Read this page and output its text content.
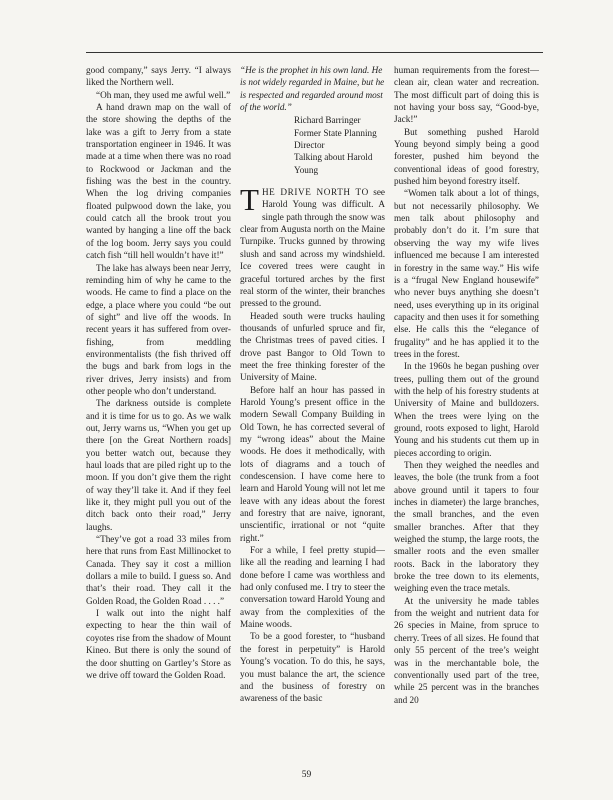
good company,” says Jerry. “I always liked the Northern well.

“Oh man, they used me awful well.”

A hand drawn map on the wall of the store showing the depths of the lake was a gift to Jerry from a state transportation engineer in 1946. It was made at a time when there was no road to Rockwood or Jackman and the fishing was the best in the country. When the log driving companies floated pulpwood down the lake, you could catch all the brook trout you wanted by hanging a line off the back of the log boom. Jerry says you could catch fish “till hell wouldn’t have it!”

The lake has always been near Jerry, reminding him of why he came to the woods. He came to find a place on the edge, a place where you could “be out of sight” and live off the woods. In recent years it has suffered from over-fishing, from meddling environmentalists (the fish thrived off the bugs and bark from logs in the river drives, Jerry insists) and from other people who don’t understand.

The darkness outside is complete and it is time for us to go. As we walk out, Jerry warns us, “When you get up there [on the Great Northern roads] you better watch out, because they haul loads that are piled right up to the moon. If you don’t give them the right of way they’ll take it. And if they feel like it, they might pull you out of the ditch back onto their road,” Jerry laughs.

“They’ve got a road 33 miles from here that runs from East Millinocket to Canada. They say it cost a million dollars a mile to build. I guess so. And that’s their road. They call it the Golden Road, the Golden Road . . . .”

I walk out into the night half expecting to hear the thin wail of coyotes rise from the shadow of Mount Kineo. But there is only the sound of the door shutting on Gartley’s Store as we drive off toward the Golden Road.

“He is the prophet in his own land. He is not widely regarded in Maine, but he is respected and regarded around most of the world.”

Richard Barringer
Former State Planning
Director
Talking about Harold
Young

THE DRIVE NORTH TO see Harold Young was difficult. A single path through the snow was clear from Augusta north on the Maine Turnpike. Trucks gunned by throwing slush and sand across my windshield. Ice covered trees were caught in graceful tortured arches by the first real storm of the winter, their branches pressed to the ground.

Headed south were trucks hauling thousands of unfurled spruce and fir, the Christmas trees of paved cities. I drove past Bangor to Old Town to meet the free thinking forester of the University of Maine.

Before half an hour has passed in Harold Young’s present office in the modern Sewall Company Building in Old Town, he has corrected several of my “wrong ideas” about the Maine woods. He does it methodically, with lots of diagrams and a touch of condescension. I have come here to learn and Harold Young will not let me leave with any ideas about the forest and forestry that are naive, ignorant, unscientific, irrational or not “quite right.”

For a while, I feel pretty stupid—like all the reading and learning I had done before I came was worthless and had only confused me. I try to steer the conversation toward Harold Young and away from the complexities of the Maine woods.

To be a good forester, to “husband the forest in perpetuity” is Harold Young’s vocation. To do this, he says, you must balance the art, the science and the business of forestry on awareness of the basic

human requirements from the forest—clean air, clean water and recreation. The most difficult part of doing this is not having your boss say, “Good-bye, Jack!”

But something pushed Harold Young beyond simply being a good forester, pushed him beyond the conventional ideas of good forestry, pushed him beyond forestry itself.

“Women talk about a lot of things, but not necessarily philosophy. We men talk about philosophy and probably don’t do it. I’m sure that observing the way my wife lives influenced me because I am interested in forestry in the same way.” His wife is a “frugal New England housewife” who never buys anything she doesn’t need, uses everything up in its original capacity and then uses it for something else. He calls this the “elegance of frugality” and he has applied it to the trees in the forest.

In the 1960s he began pushing over trees, pulling them out of the ground with the help of his forestry students at University of Maine and bulldozers. When the trees were lying on the ground, roots exposed to light, Harold Young and his students cut them up in pieces according to origin.

Then they weighed the needles and leaves, the bole (the trunk from a foot above ground until it tapers to four inches in diameter) the large branches, the small branches, and the even smaller branches. After that they weighed the stump, the large roots, the smaller roots and the even smaller roots. Back in the laboratory they broke the tree down to its elements, weighing even the trace metals.

At the university he made tables from the weight and nutrient data for 26 species in Maine, from spruce to cherry. Trees of all sizes. He found that only 55 percent of the tree’s weight was in the merchantable bole, the conventionally used part of the tree, while 25 percent was in the branches and 20

59
